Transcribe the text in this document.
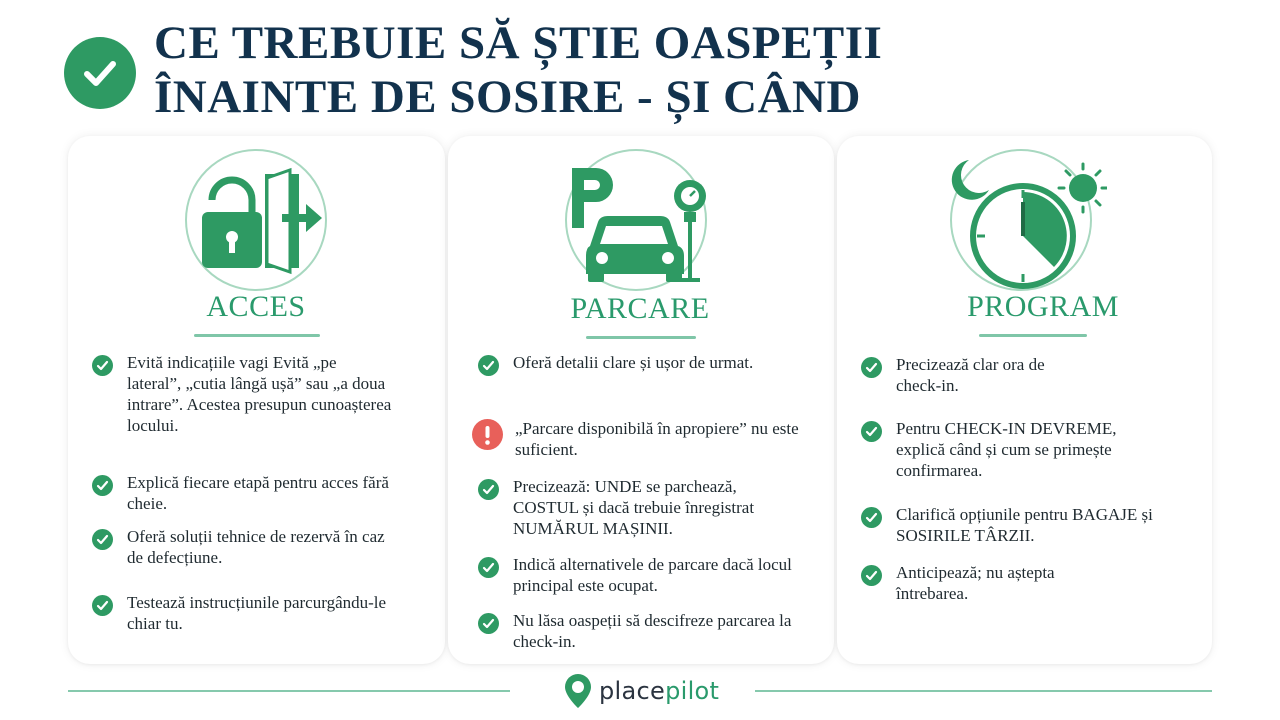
CE TREBUIE SĂ ȘTIE OASPEȚII
ÎNAINTE DE SOSIRE - ȘI CÂND
ACCES
Evită indicațiile vagi Evită „pe lateral”, „cutia lângă ușă” sau „a doua intrare”. Acestea presupun cunoașterea locului.
Explică fiecare etapă pentru acces fără cheie.
Oferă soluții tehnice de rezervă în caz de defecțiune.
Testează instrucțiunile parcurgându-le chiar tu.
PARCARE
Oferă detalii clare și ușor de urmat.
„Parcare disponibilă în apropiere” nu este suficient.
Precizează: UNDE se parchează, COSTUL și dacă trebuie înregistrat NUMĂRUL MAȘINII.
Indică alternativele de parcare dacă locul principal este ocupat.
Nu lăsa oaspeții să descifreze parcarea la check-in.
PROGRAM
Precizează clar ora de check-in.
Pentru CHECK-IN DEVREME, explică când și cum se primește confirmarea.
Clarifică opțiunile pentru BAGAJE și SOSIRILE TÂRZII.
Anticipează; nu aștepta întrebarea.
placepilot
